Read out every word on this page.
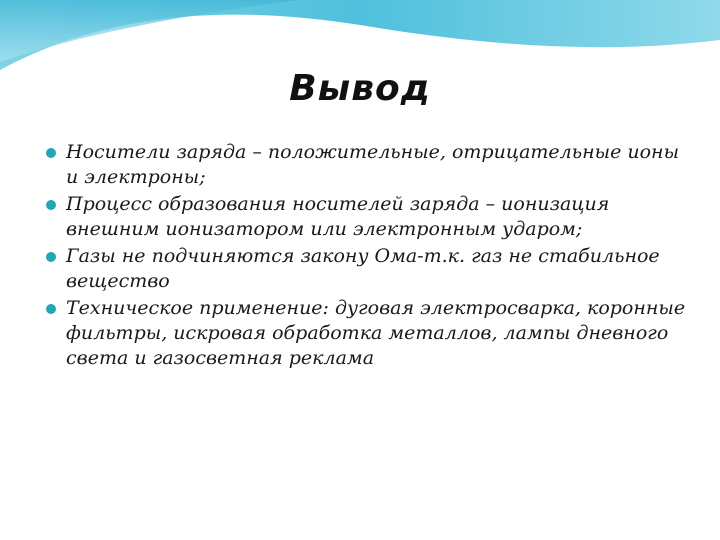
Вывод
Носители заряда – положительные, отрицательные ионы и электроны;
Процесс образования носителей заряда – ионизация внешним ионизатором или электронным ударом;
Газы не подчиняются закону Ома-т.к. газ не стабильное вещество
Техническое применение: дуговая электросварка, коронные фильтры, искровая обработка металлов, лампы дневного света и газосветная реклама
